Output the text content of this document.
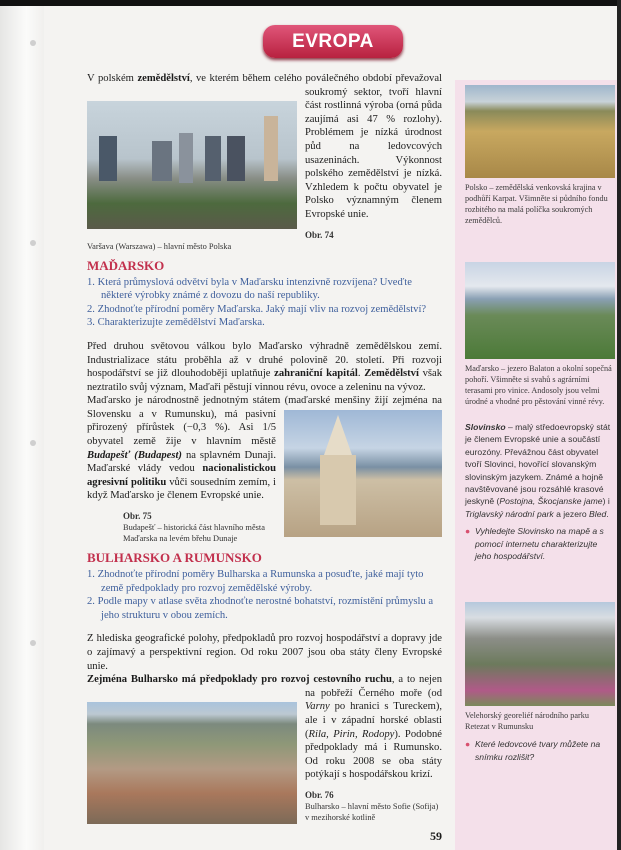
EVROPA
V polském zemědělství, ve kterém během celého poválečného období převažoval soukromý sektor, tvoří hlavní část rostlinná výroba (orná půda zaujímá asi 47 % rozlohy). Problémem je nízká úrodnost půd na ledovcových usazeninách. Výkonnost polského zemědělství je nízká. Vzhledem k počtu obyvatel je Polsko významným členem Evropské unie.
Obr. 74
Varšava (Warszawa) – hlavní město Polska
MAĎARSKO
1. Která průmyslová odvětví byla v Maďarsku intenzivně rozvíjena? Uveďte některé výrobky známé z dovozu do naší republiky.
2. Zhodnoťte přírodní poměry Maďarska. Jaký mají vliv na rozvoj zemědělství?
3. Charakterizujte zemědělství Maďarska.
Před druhou světovou válkou bylo Maďarsko výhradně zemědělskou zemí. Industrializace státu proběhla až v druhé polovině 20. století. Při rozvoji hospodářství se již dlouhodoběji uplatňuje zahraniční kapitál. Zemědělství však neztratilo svůj význam, Maďaři pěstují vinnou révu, ovoce a zeleninu na vývoz.
Maďarsko je národnostně jednotným státem (maďarské menšiny žijí zejména na Slovensku a v Rumunsku), má pasivní přirozený přírůstek (−0,3 %). Asi 1/5 obyvatel země žije v hlavním městě Budapešť (Budapest) na splavném Dunaji. Maďarské vlády vedou nacionalistickou agresivní politiku vůči sousedním zemím, i když Maďarsko je členem Evropské unie.
Obr. 75
Budapešť – historická část hlavního města Maďarska na levém břehu Dunaje
BULHARSKO A RUMUNSKO
1. Zhodnoťte přírodní poměry Bulharska a Rumunska a posuďte, jaké mají tyto země předpoklady pro rozvoj zemědělské výroby.
2. Podle mapy v atlase světa zhodnoťte nerostné bohatství, rozmístění průmyslu a jeho strukturu v obou zemích.
Z hlediska geografické polohy, předpokladů pro rozvoj hospodářství a dopravy jde o zajímavý a perspektivní region. Od roku 2007 jsou oba státy členy Evropské unie.
Zejména Bulharsko má předpoklady pro rozvoj cestovního ruchu, a to nejen na pobřeží Černého moře (od Varny po hranici s Tureckem), ale i v západní horské oblasti (Rila, Pirin, Rodopy). Podobné předpoklady má i Rumunsko. Od roku 2008 se oba státy potýkají s hospodářskou krizí.
Obr. 76
Bulharsko – hlavní město Sofie (Sofija) v mezihorské kotlině
59
Polsko – zemědělská venkovská krajina v podhůří Karpat. Všimněte si půdního fondu rozbitého na malá políčka soukromých zemědělců.
Maďarsko – jezero Balaton a okolní sopečná pohoří. Všimněte si svahů s agrárními terasami pro vinice. Andosoly jsou velmi úrodné a vhodné pro pěstování vinné révy.
Slovinsko – malý středoevropský stát je členem Evropské unie a součástí eurozóny. Převážnou část obyvatel tvoří Slovinci, hovořící slovanským slovinským jazykem. Známé a hojně navštěvované jsou rozsáhlé krasové jeskyně (Postojna, Škocjanske jame) i Triglavský národní park a jezero Bled.
● Vyhledejte Slovinsko na mapě a s pomocí internetu charakterizujte jeho hospodářství.
Velehorský georeliéf národního parku Retezat v Rumunsku
● Které ledovcové tvary můžete na snímku rozlišit?
